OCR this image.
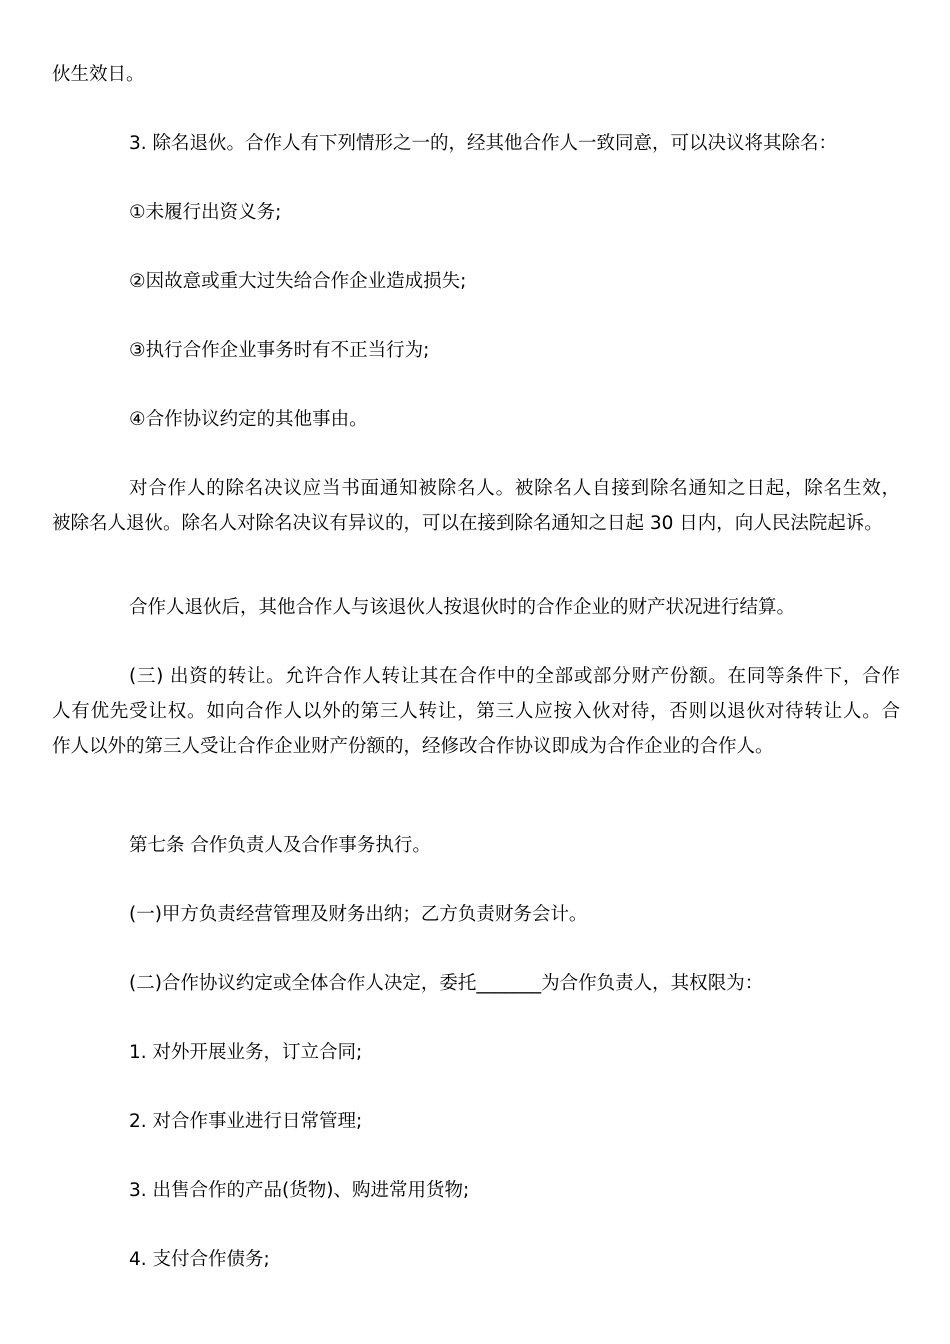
伙生效日。

3. 除名退伙。合作人有下列情形之一的，经其他合作人一致同意，可以决议将其除名：

①未履行出资义务;

②因故意或重大过失给合作企业造成损失;

③执行合作企业事务时有不正当行为;

④合作协议约定的其他事由。

对合作人的除名决议应当书面通知被除名人。被除名人自接到除名通知之日起，除名生效，
被除名人退伙。除名人对除名决议有异议的，可以在接到除名通知之日起 30 日内，向人民法院起诉。

合作人退伙后，其他合作人与该退伙人按退伙时的合作企业的财产状况进行结算。

(三) 出资的转让。允许合作人转让其在合作中的全部或部分财产份额。在同等条件下，合作
人有优先受让权。如向合作人以外的第三人转让，第三人应按入伙对待，否则以退伙对待转让人。合
作人以外的第三人受让合作企业财产份额的，经修改合作协议即成为合作企业的合作人。

第七条 合作负责人及合作事务执行。

(一)甲方负责经营管理及财务出纳；乙方负责财务会计。

(二)合作协议约定或全体合作人决定，委托_______为合作负责人，其权限为：

1. 对外开展业务，订立合同;

2. 对合作事业进行日常管理;

3. 出售合作的产品(货物)、购进常用货物;

4. 支付合作债务;
